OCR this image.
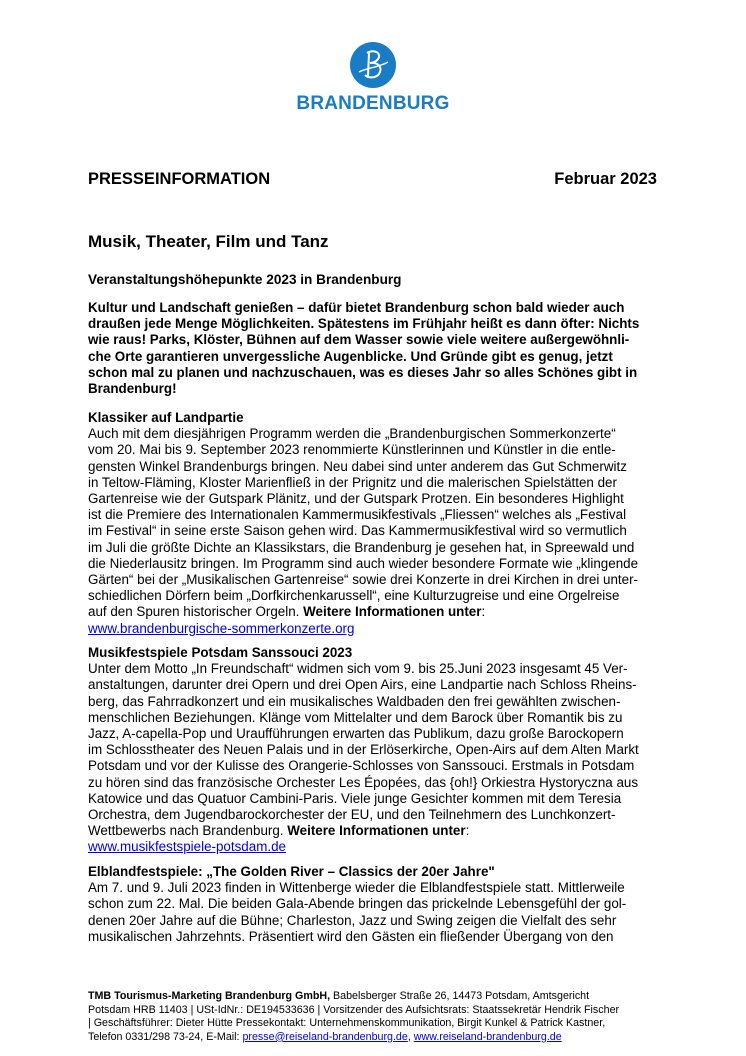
BRANDENBURG
PRESSEINFORMATION	Februar 2023
Musik, Theater, Film und Tanz
Veranstaltungshöhepunkte 2023 in Brandenburg
Kultur und Landschaft genießen – dafür bietet Brandenburg schon bald wieder auch
draußen jede Menge Möglichkeiten. Spätestens im Frühjahr heißt es dann öfter: Nichts
wie raus! Parks, Klöster, Bühnen auf dem Wasser sowie viele weitere außergewöhnli-
che Orte garantieren unvergessliche Augenblicke. Und Gründe gibt es genug, jetzt
schon mal zu planen und nachzuschauen, was es dieses Jahr so alles Schönes gibt in
Brandenburg!
Klassiker auf Landpartie
Auch mit dem diesjährigen Programm werden die „Brandenburgischen Sommerkonzerte“
vom 20. Mai bis 9. September 2023 renommierte Künstlerinnen und Künstler in die entle-
gensten Winkel Brandenburgs bringen. Neu dabei sind unter anderem das Gut Schmerwitz
in Teltow-Fläming, Kloster Marienfließ in der Prignitz und die malerischen Spielstätten der
Gartenreise wie der Gutspark Plänitz, und der Gutspark Protzen. Ein besonderes Highlight
ist die Premiere des Internationalen Kammermusikfestivals „Fliessen“ welches als „Festival
im Festival“ in seine erste Saison gehen wird. Das Kammermusikfestival wird so vermutlich
im Juli die größte Dichte an Klassikstars, die Brandenburg je gesehen hat, in Spreewald und
die Niederlausitz bringen. Im Programm sind auch wieder besondere Formate wie „klingende
Gärten“ bei der „Musikalischen Gartenreise“ sowie drei Konzerte in drei Kirchen in drei unter-
schiedlichen Dörfern beim „Dorfkirchenkarussell“, eine Kulturzugreise und eine Orgelreise
auf den Spuren historischer Orgeln. Weitere Informationen unter:
www.brandenburgische-sommerkonzerte.org
Musikfestspiele Potsdam Sanssouci 2023
Unter dem Motto „In Freundschaft“ widmen sich vom 9. bis 25.Juni 2023 insgesamt 45 Ver-
anstaltungen, darunter drei Opern und drei Open Airs, eine Landpartie nach Schloss Rheins-
berg, das Fahrradkonzert und ein musikalisches Waldbaden den frei gewählten zwischen-
menschlichen Beziehungen. Klänge vom Mittelalter und dem Barock über Romantik bis zu
Jazz, A-capella-Pop und Uraufführungen erwarten das Publikum, dazu große Barockopern
im Schlosstheater des Neuen Palais und in der Erlöserkirche, Open-Airs auf dem Alten Markt
Potsdam und vor der Kulisse des Orangerie-Schlosses von Sanssouci. Erstmals in Potsdam
zu hören sind das französische Orchester Les Épopées, das {oh!} Orkiestra Hystoryczna aus
Katowice und das Quatuor Cambini-Paris. Viele junge Gesichter kommen mit dem Teresia
Orchestra, dem Jugendbarockorchester der EU, und den Teilnehmern des Lunchkonzert-
Wettbewerbs nach Brandenburg. Weitere Informationen unter:
www.musikfestspiele-potsdam.de
Elblandfestspiele: „The Golden River – Classics der 20er Jahre"
Am 7. und 9. Juli 2023 finden in Wittenberge wieder die Elblandfestspiele statt. Mittlerweile
schon zum 22. Mal. Die beiden Gala-Abende bringen das prickelnde Lebensgefühl der gol-
denen 20er Jahre auf die Bühne; Charleston, Jazz und Swing zeigen die Vielfalt des sehr
musikalischen Jahrzehnts. Präsentiert wird den Gästen ein fließender Übergang von den
TMB Tourismus-Marketing Brandenburg GmbH, Babelsberger Straße 26, 14473 Potsdam, Amtsgericht
Potsdam HRB 11403 | USt-IdNr.: DE194533636 | Vorsitzender des Aufsichtsrats: Staatssekretär Hendrik Fischer
| Geschäftsführer: Dieter Hütte Pressekontakt: Unternehmenskommunikation, Birgit Kunkel & Patrick Kastner,
Telefon 0331/298 73-24, E-Mail: presse@reiseland-brandenburg.de, www.reiseland-brandenburg.de
